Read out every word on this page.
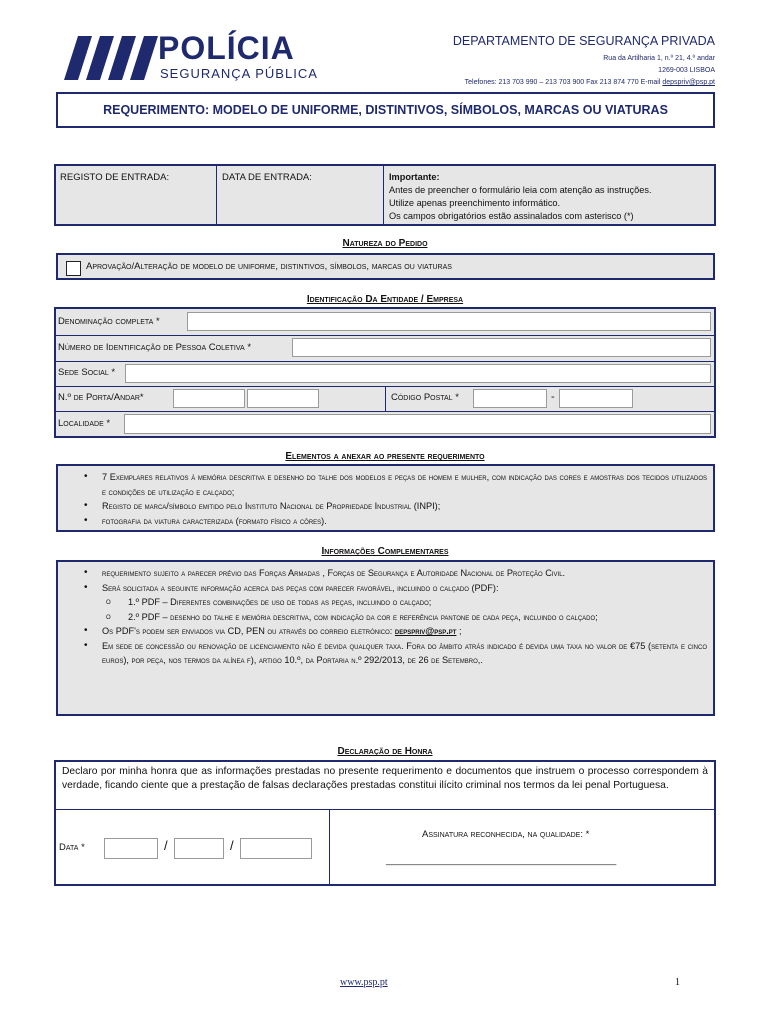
POLÍCIA
SEGURANÇA PÚBLICA
DEPARTAMENTO DE SEGURANÇA PRIVADA
Rua da Artilharia 1, n.º 21, 4.º andar
1269-003 LISBOA
Telefones: 213 703 990 – 213 703 900 Fax 213 874 770 E-mail depspriv@psp.pt
REQUERIMENTO: MODELO DE UNIFORME, DISTINTIVOS, SÍMBOLOS, MARCAS OU VIATURAS
REGISTO DE ENTRADA:	DATA DE ENTRADA:	Importante:
Antes de preencher o formulário leia com atenção as instruções.
Utilize apenas preenchimento informático.
Os campos obrigatórios estão assinalados com asterisco (*)
Natureza do Pedido
Aprovação/Alteração de modelo de uniforme, distintivos, símbolos, marcas ou viaturas
Identificação Da Entidade / Empresa
Denominação completa *
Número de Identificação de Pessoa Coletiva *
Sede Social *
N.º de Porta/Andar*	Código Postal *	-
Localidade *
Elementos a anexar ao presente requerimento
• 7 Exemplares relativos à memória descritiva e desenho do talhe dos modelos e peças de homem e mulher, com indicação das cores e amostras dos tecidos utilizados e condições de utilização e calçado;
• Registo de marca/símbolo emitido pelo Instituto Nacional de Propriedade Industrial (INPI);
• fotografia da viatura caracterizada (formato físico a côres).
Informações Complementares
• requerimento sujeito a parecer prévio das Forças Armadas , Forças de Segurança e Autoridade Nacional de Proteção Civil.
• Será solicitada a seguinte informação acerca das peças com parecer favorável, incluindo o calçado (PDF):
o 1.º PDF – Diferentes combinações de uso de todas as peças, incluindo o calçado;
o 2.º PDF – desenho do talhe e memória descritiva, com indicação da cor e referência pantone de cada peça, incluindo o calçado;
• Os PDF's podem ser enviados via CD, PEN ou através do correio eletrónico: depspriv@psp.pt ;
• Em sede de concessão ou renovação de licenciamento não é devida qualquer taxa. Fora do âmbito atrás indicado é devida uma taxa no valor de €75 (setenta e cinco euros), por peça, nos termos da alínea f), artigo 10.º, da Portaria n.º 292/2013, de 26 de Setembro,.
Declaração de Honra
Declaro por minha honra que as informações prestadas no presente requerimento e documentos que instruem o processo correspondem à verdade, ficando ciente que a prestação de falsas declarações prestadas constitui ilícito criminal nos termos da lei penal Portuguesa.
Data *	/	/
Assinatura reconhecida, na qualidade: *
______________________________________________
www.psp.pt	1
